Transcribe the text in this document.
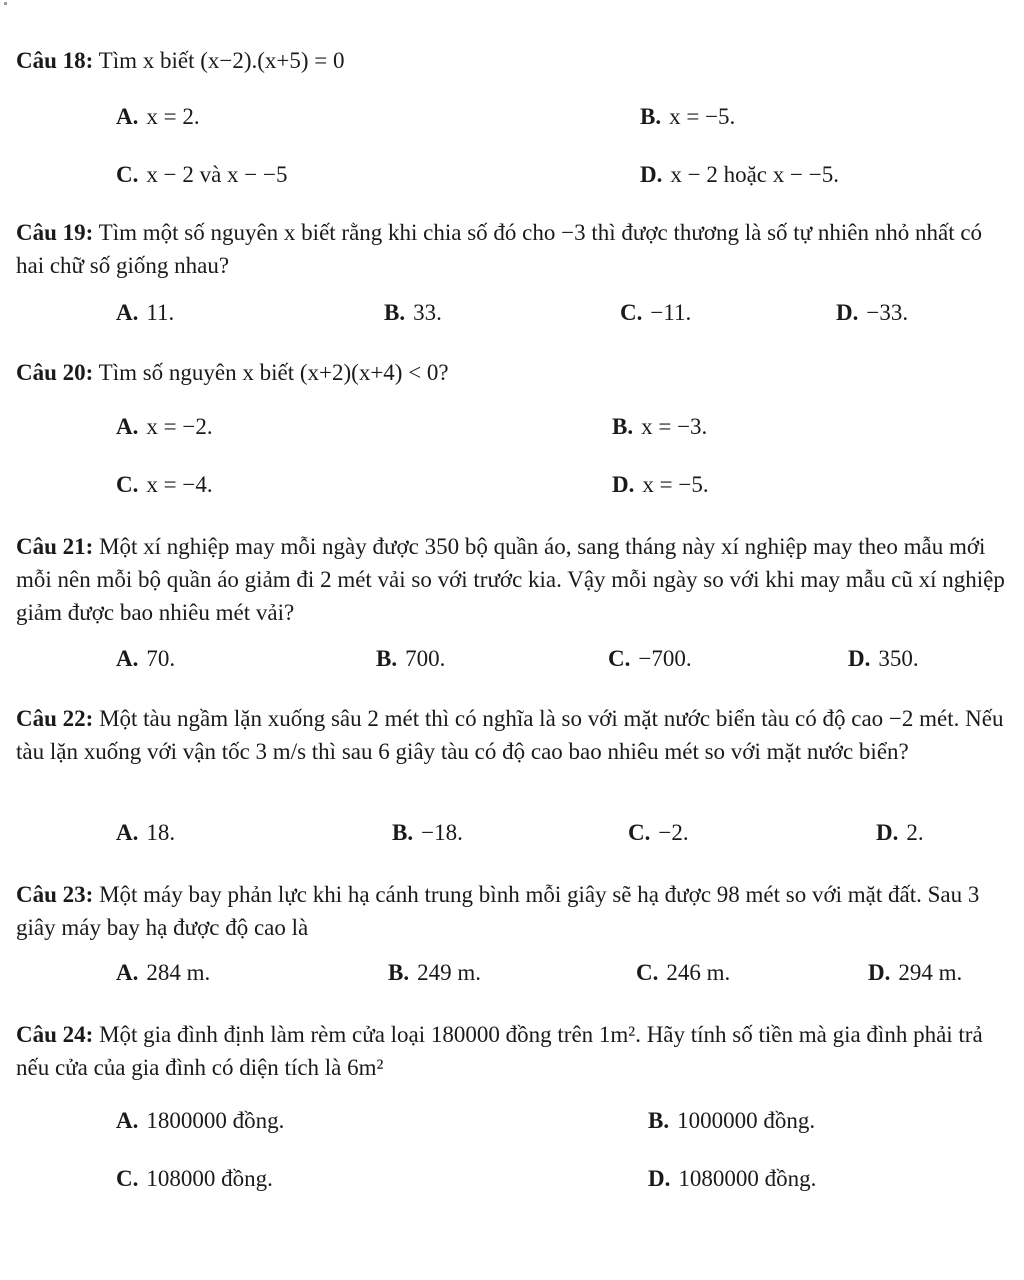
Câu 18: Tìm x biết (x−2).(x+5) = 0
A. x = 2.	B. x = −5.
C. x − 2 và x − −5	D. x − 2 hoặc x − −5.
Câu 19: Tìm một số nguyên x biết rằng khi chia số đó cho −3 thì được thương là số tự nhiên nhỏ nhất có hai chữ số giống nhau?
A. 11.	B. 33.	C. −11.	D. −33.
Câu 20: Tìm số nguyên x biết (x+2)(x+4) < 0?
A. x = −2.	B. x = −3.
C. x = −4.	D. x = −5.
Câu 21: Một xí nghiệp may mỗi ngày được 350 bộ quần áo, sang tháng này xí nghiệp may theo mẫu mới mỗi nên mỗi bộ quần áo giảm đi 2 mét vải so với trước kia. Vậy mỗi ngày so với khi may mẫu cũ xí nghiệp giảm được bao nhiêu mét vải?
A. 70.	B. 700.	C. −700.	D. 350.
Câu 22: Một tàu ngầm lặn xuống sâu 2 mét thì có nghĩa là so với mặt nước biển tàu có độ cao −2 mét. Nếu tàu lặn xuống với vận tốc 3 m/s thì sau 6 giây tàu có độ cao bao nhiêu mét so với mặt nước biển?
A. 18.	B. −18.	C. −2.	D. 2.
Câu 23: Một máy bay phản lực khi hạ cánh trung bình mỗi giây sẽ hạ được 98 mét so với mặt đất. Sau 3 giây máy bay hạ được độ cao là
A. 284 m.	B. 249 m.	C. 246 m.	D. 294 m.
Câu 24: Một gia đình định làm rèm cửa loại 180000 đồng trên 1m². Hãy tính số tiền mà gia đình phải trả nếu cửa của gia đình có diện tích là 6m²
A. 1800000 đồng.	B. 1000000 đồng.
C. 108000 đồng.	D. 1080000 đồng.
